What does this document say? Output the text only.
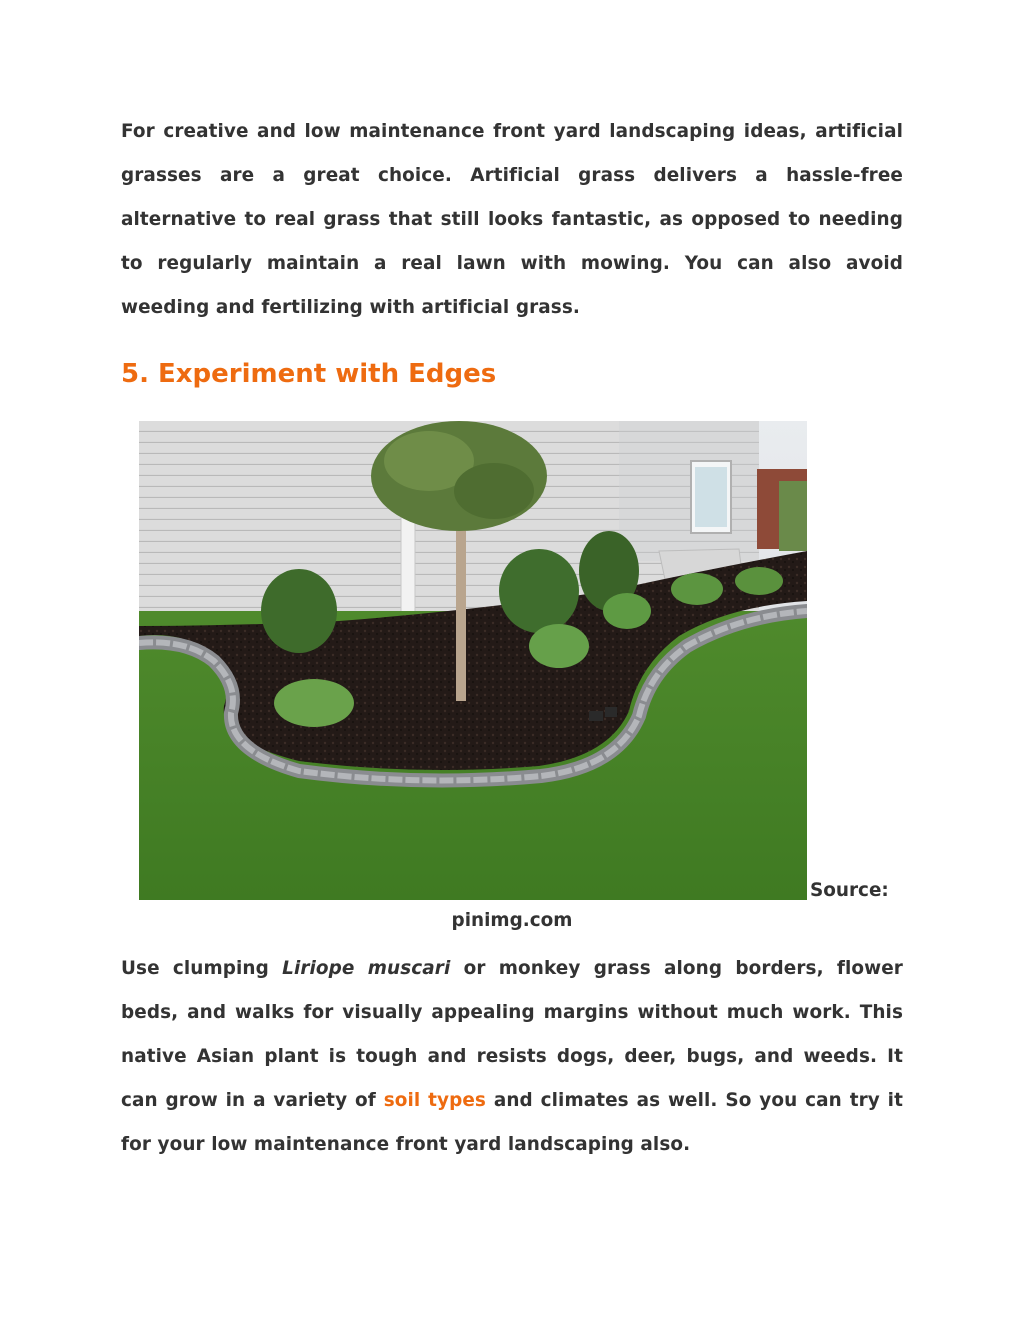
For creative and low maintenance front yard landscaping ideas, artificial grasses are a great choice. Artificial grass delivers a hassle-free alternative to real grass that still looks fantastic, as opposed to needing to regularly maintain a real lawn with mowing. You can also avoid weeding and fertilizing with artificial grass.

5. Experiment with Edges
Source:
pinimg.com

Use clumping Liriope muscari or monkey grass along borders, flower beds, and walks for visually appealing margins without much work. This native Asian plant is tough and resists dogs, deer, bugs, and weeds. It can grow in a variety of soil types and climates as well. So you can try it for your low maintenance front yard landscaping also.
